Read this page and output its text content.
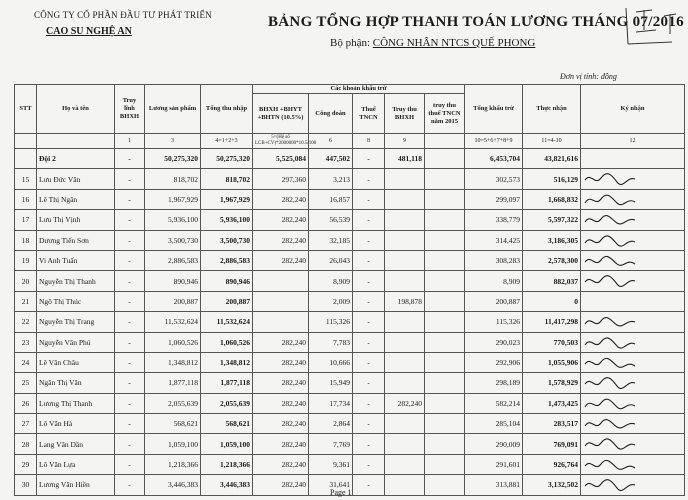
CÔNG TY CỔ PHẦN ĐẦU TƯ PHÁT TRIỂN
CAO SU NGHỆ AN
BẢNG TỔNG HỢP THANH TOÁN LƯƠNG THÁNG 07/2016
Bộ phận: CÔNG NHÂN NTCS QUẾ PHONG
Đơn vị tính: đồng
STT	Họ và tên	Truy lĩnh BHXH	Lương sản phẩm	Tổng thu nhập	Các khoản khấu trừ					Tổng khấu trừ	Thực nhận	Ký nhận
					BHXH +BHYT +BHTN (10.5%)	Công đoàn	Thuế TNCN	Truy thu BHXH	truy thu thuế TNCN năm 2015			
		1	3	4=1+2+3	5=(Hệ số LCB+CV)*2000000*10.5/100	6	8	9		10=5+6+7+8+9	11=4-10	12
	Đội 2	-	50,275,320	50,275,320	5,525,084	447,502	-	481,118		6,453,704	43,821,616	
15	Lưu Đức Văn	-	818,702	818,702	297,360	3,213	-			302,573	516,129	

16	Lê Thị Ngân	-	1,967,929	1,967,929	282,240	16,857	-			299,097	1,668,832	

17	Lưu Thị Vịnh	-	5,936,100	5,936,100	282,240	56,539	-			338,779	5,597,322	

18	Dương Tiến Sơn	-	3,500,730	3,500,730	282,240	32,185	-			314,425	3,186,305	

19	Vi Anh Tuấn	-	2,886,583	2,886,583	282,240	26,043	-			308,283	2,578,300	

20	Nguyễn Thị Thanh	-	890,946	890,946		8,909	-			8,909	882,037	

21	Ngô Thị Thúc	-	200,887	200,887		2,009	-	198,878		200,887	0	
22	Nguyễn Thị Trang	-	11,532,624	11,532,624		115,326	-			115,326	11,417,298	

23	Nguyễn Văn Phú	-	1,060,526	1,060,526	282,240	7,783	-			290,023	770,503	

24	Lê Văn Châu	-	1,348,812	1,348,812	282,240	10,666	-			292,906	1,055,906	

25	Ngân Thị Văn	-	1,877,118	1,877,118	282,240	15,949	-			298,189	1,578,929	

26	Lương Thị Thanh	-	2,055,639	2,055,639	282,240	17,734	-	282,240		582,214	1,473,425	

27	Lô Văn Hà	-	568,621	568,621	282,240	2,864	-			285,104	283,517	

28	Lang Văn Dần	-	1,059,100	1,059,100	282,240	7,769	-			290,009	769,091	

29	Lô Văn Lựa	-	1,218,366	1,218,366	282,240	9,361	-			291,601	926,764	

30	Lương Văn Hiền	-	3,446,383	3,446,383	282,240	31,641	-			313,881	3,132,502	
Page 1
